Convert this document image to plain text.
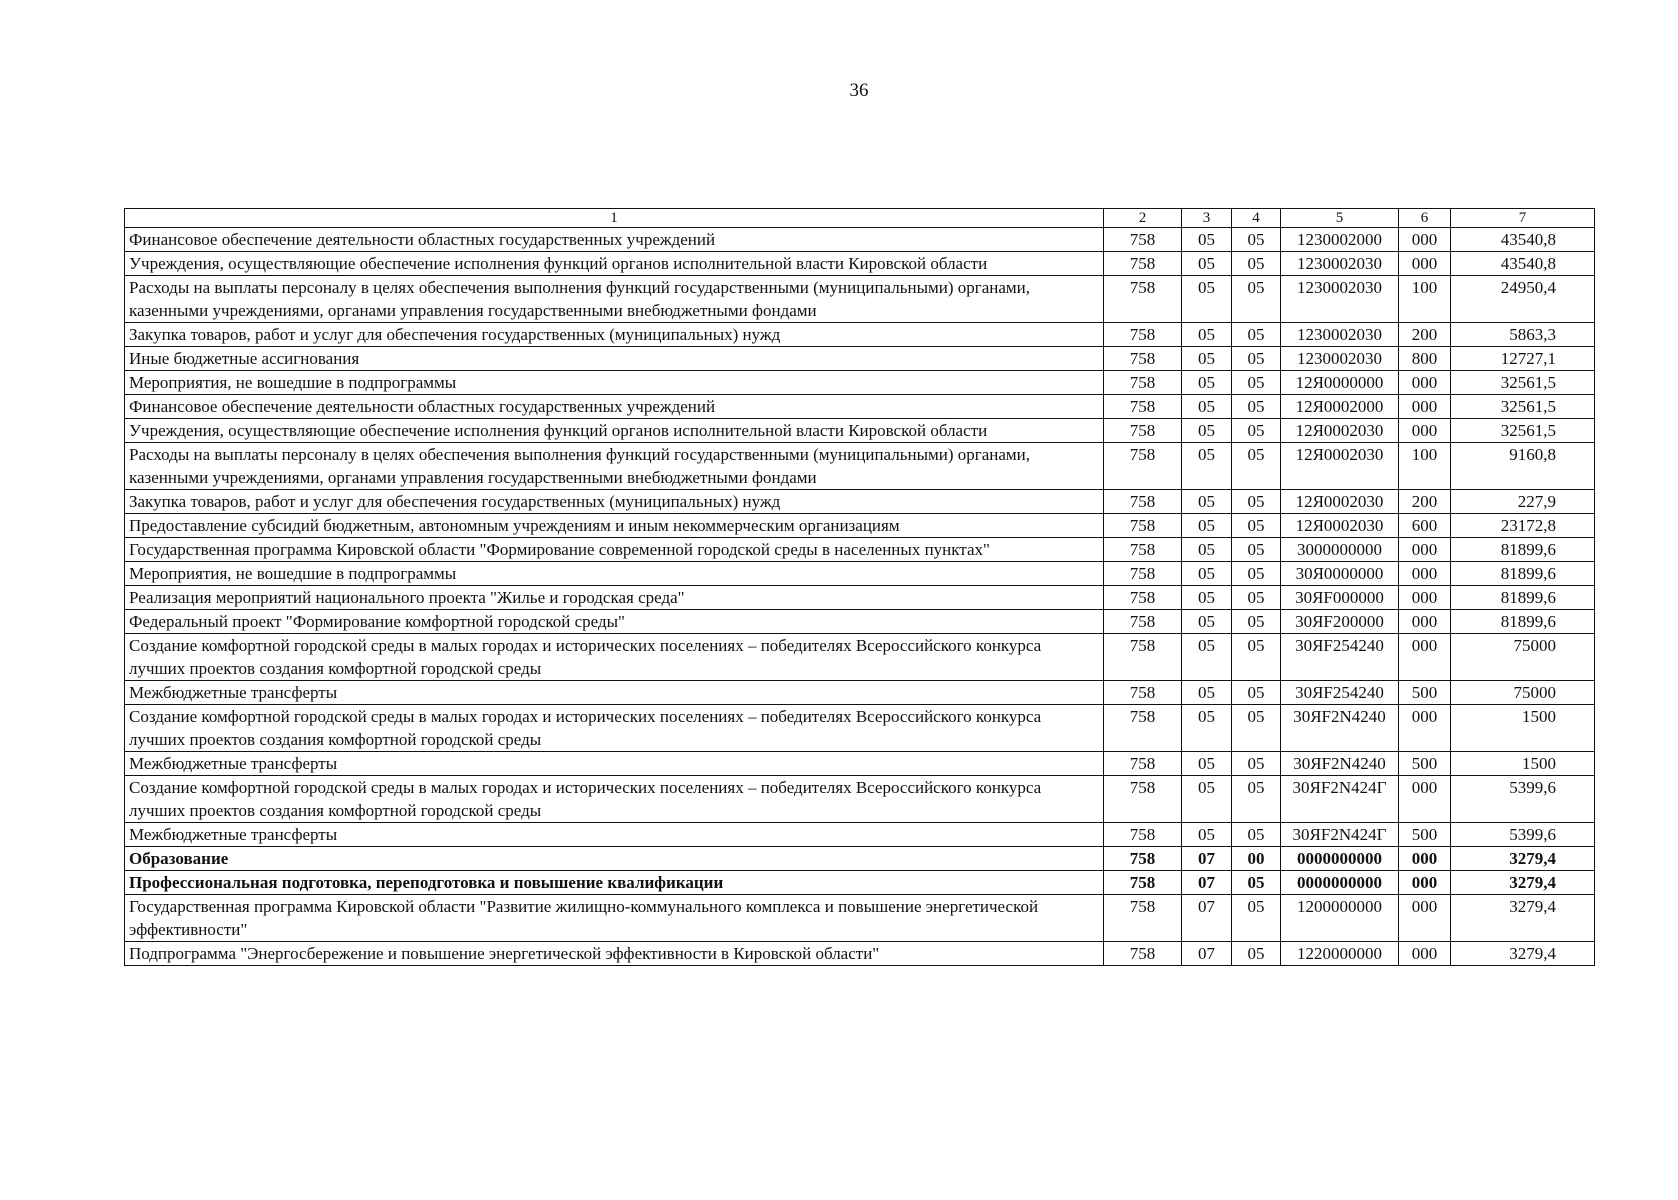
36
1	2	3	4	5	6	7
Финансовое обеспечение деятельности областных государственных учреждений	758	05	05	1230002000	000	43540,8
Учреждения, осуществляющие обеспечение исполнения функций органов исполнительной власти Кировской области	758	05	05	1230002030	000	43540,8
Расходы на выплаты персоналу в целях обеспечения выполнения функций государственными (муниципальными) органами, казенными учреждениями, органами управления государственными внебюджетными фондами	758	05	05	1230002030	100	24950,4
Закупка товаров, работ и услуг для обеспечения государственных (муниципальных) нужд	758	05	05	1230002030	200	5863,3
Иные бюджетные ассигнования	758	05	05	1230002030	800	12727,1
Мероприятия, не вошедшие в подпрограммы	758	05	05	12Я0000000	000	32561,5
Финансовое обеспечение деятельности областных государственных учреждений	758	05	05	12Я0002000	000	32561,5
Учреждения, осуществляющие обеспечение исполнения функций органов исполнительной власти Кировской области	758	05	05	12Я0002030	000	32561,5
Расходы на выплаты персоналу в целях обеспечения выполнения функций государственными (муниципальными) органами, казенными учреждениями, органами управления государственными внебюджетными фондами	758	05	05	12Я0002030	100	9160,8
Закупка товаров, работ и услуг для обеспечения государственных (муниципальных) нужд	758	05	05	12Я0002030	200	227,9
Предоставление субсидий бюджетным, автономным учреждениям и иным некоммерческим организациям	758	05	05	12Я0002030	600	23172,8
Государственная программа Кировской области "Формирование современной городской среды в населенных пунктах"	758	05	05	3000000000	000	81899,6
Мероприятия, не вошедшие в подпрограммы	758	05	05	30Я0000000	000	81899,6
Реализация мероприятий национального проекта "Жилье и городская среда"	758	05	05	30ЯF000000	000	81899,6
Федеральный проект "Формирование комфортной городской среды"	758	05	05	30ЯF200000	000	81899,6
Создание комфортной городской среды в малых городах и исторических поселениях – победителях Всероссийского конкурса лучших проектов создания комфортной городской среды	758	05	05	30ЯF254240	000	75000
Межбюджетные трансферты	758	05	05	30ЯF254240	500	75000
Создание комфортной городской среды в малых городах и исторических поселениях – победителях Всероссийского конкурса лучших проектов создания комфортной городской среды	758	05	05	30ЯF2N4240	000	1500
Межбюджетные трансферты	758	05	05	30ЯF2N4240	500	1500
Создание комфортной городской среды в малых городах и исторических поселениях – победителях Всероссийского конкурса лучших проектов создания комфортной городской среды	758	05	05	30ЯF2N424Г	000	5399,6
Межбюджетные трансферты	758	05	05	30ЯF2N424Г	500	5399,6
Образование	758	07	00	0000000000	000	3279,4
Профессиональная подготовка, переподготовка и повышение квалификации	758	07	05	0000000000	000	3279,4
Государственная программа Кировской области "Развитие жилищно-коммунального комплекса и повышение энергетической эффективности"	758	07	05	1200000000	000	3279,4
Подпрограмма "Энергосбережение и повышение энергетической эффективности в Кировской области"	758	07	05	1220000000	000	3279,4
